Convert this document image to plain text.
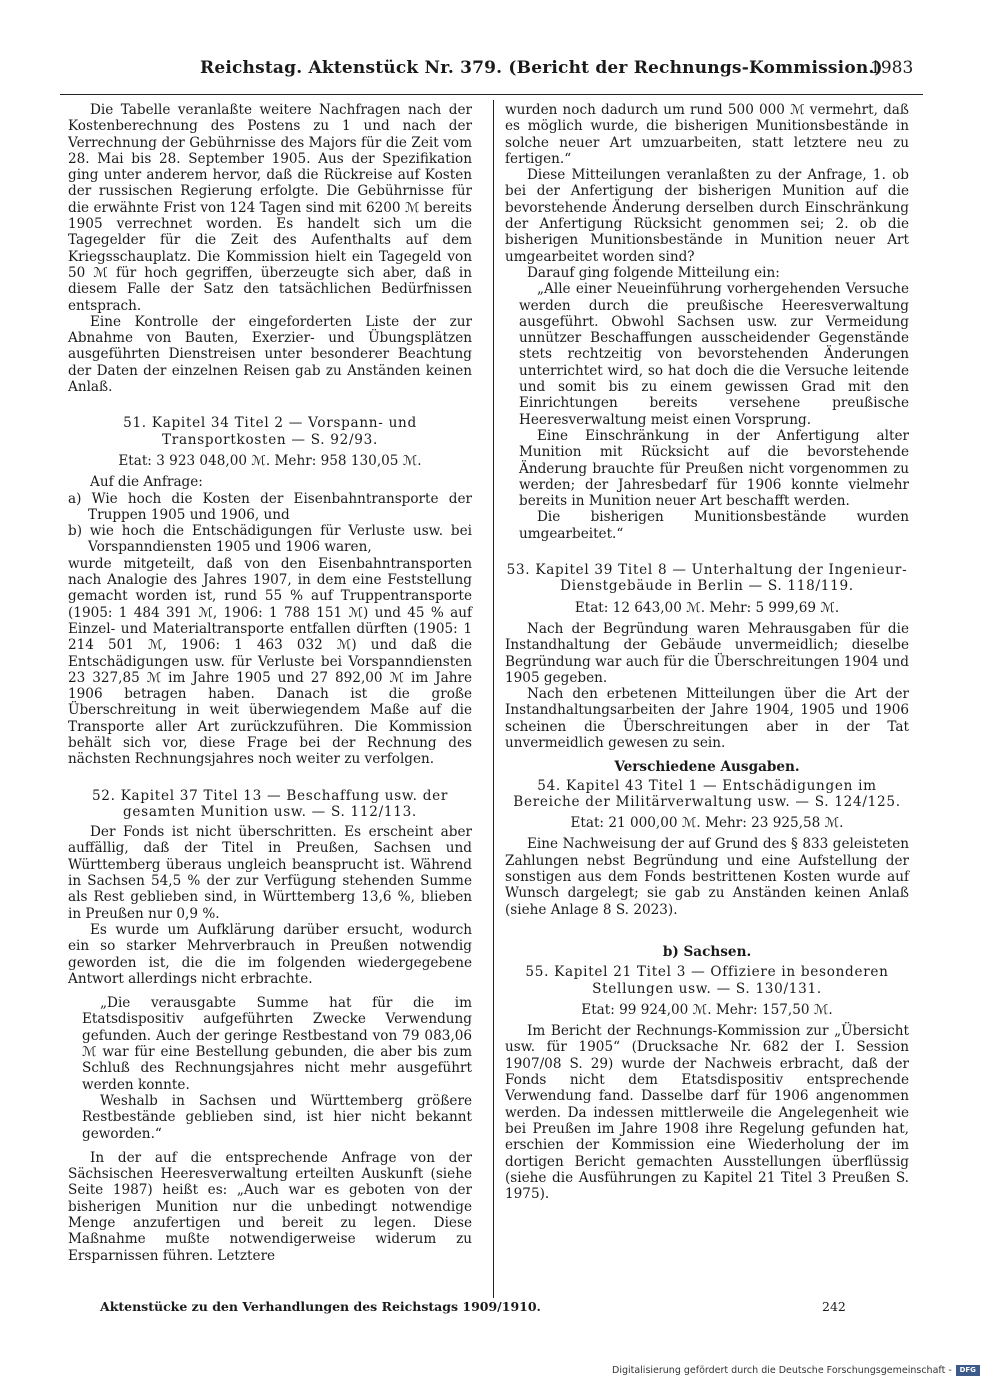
Reichstag. Aktenstück Nr. 379. (Bericht der Rechnungs-Kommission.)
1983

Die Tabelle veranlaßte weitere Nachfragen nach der Kostenberechnung des Postens zu 1 und nach der Verrechnung der Gebührnisse des Majors für die Zeit vom 28. Mai bis 28. September 1905. Aus der Spezifikation ging unter anderem hervor, daß die Rückreise auf Kosten der russischen Regierung erfolgte. Die Gebührnisse für die erwähnte Frist von 124 Tagen sind mit 6200 ℳ bereits 1905 verrechnet worden. Es handelt sich um die Tagegelder für die Zeit des Aufenthalts auf dem Kriegsschauplatz. Die Kommission hielt ein Tagegeld von 50 ℳ für hoch gegriffen, überzeugte sich aber, daß in diesem Falle der Satz den tatsächlichen Bedürfnissen entsprach.

Eine Kontrolle der eingeforderten Liste der zur Abnahme von Bauten, Exerzier- und Übungsplätzen ausgeführten Dienstreisen unter besonderer Beachtung der Daten der einzelnen Reisen gab zu Anständen keinen Anlaß.

51. Kapitel 34 Titel 2 — Vorspann- und Transportkosten — S. 92/93.

Etat: 3 923 048,00 ℳ. Mehr: 958 130,05 ℳ.

Auf die Anfrage:

a) Wie hoch die Kosten der Eisenbahntransporte der Truppen 1905 und 1906, und

b) wie hoch die Entschädigungen für Verluste usw. bei Vorspanndiensten 1905 und 1906 waren,

wurde mitgeteilt, daß von den Eisenbahntransporten nach Analogie des Jahres 1907, in dem eine Feststellung gemacht worden ist, rund 55 % auf Truppentransporte (1905: 1 484 391 ℳ, 1906: 1 788 151 ℳ) und 45 % auf Einzel- und Materialtransporte entfallen dürften (1905: 1 214 501 ℳ, 1906: 1 463 032 ℳ) und daß die Entschädigungen usw. für Verluste bei Vorspanndiensten 23 327,85 ℳ im Jahre 1905 und 27 892,00 ℳ im Jahre 1906 betragen haben. Danach ist die große Überschreitung in weit überwiegendem Maße auf die Transporte aller Art zurückzuführen. Die Kommission behält sich vor, diese Frage bei der Rechnung des nächsten Rechnungsjahres noch weiter zu verfolgen.

52. Kapitel 37 Titel 13 — Beschaffung usw. der gesamten Munition usw. — S. 112/113.

Der Fonds ist nicht überschritten. Es erscheint aber auffällig, daß der Titel in Preußen, Sachsen und Württemberg überaus ungleich beansprucht ist. Während in Sachsen 54,5 % der zur Verfügung stehenden Summe als Rest geblieben sind, in Württemberg 13,6 %, blieben in Preußen nur 0,9 %.

Es wurde um Aufklärung darüber ersucht, wodurch ein so starker Mehrverbrauch in Preußen notwendig geworden ist, die die im folgenden wiedergegebene Antwort allerdings nicht erbrachte.

„Die verausgabte Summe hat für die im Etatsdispositiv aufgeführten Zwecke Verwendung gefunden. Auch der geringe Restbestand von 79 083,06 ℳ war für eine Bestellung gebunden, die aber bis zum Schluß des Rechnungsjahres nicht mehr ausgeführt werden konnte.

Weshalb in Sachsen und Württemberg größere Restbestände geblieben sind, ist hier nicht bekannt geworden.“

In der auf die entsprechende Anfrage von der Sächsischen Heeresverwaltung erteilten Auskunft (siehe Seite 1987) heißt es: „Auch war es geboten von der bisherigen Munition nur die unbedingt notwendige Menge anzufertigen und bereit zu legen. Diese Maßnahme mußte notwendigerweise widerum zu Ersparnissen führen. Letztere

wurden noch dadurch um rund 500 000 ℳ vermehrt, daß es möglich wurde, die bisherigen Munitionsbestände in solche neuer Art umzuarbeiten, statt letztere neu zu fertigen.“

Diese Mitteilungen veranlaßten zu der Anfrage, 1. ob bei der Anfertigung der bisherigen Munition auf die bevorstehende Änderung derselben durch Einschränkung der Anfertigung Rücksicht genommen sei; 2. ob die bisherigen Munitionsbestände in Munition neuer Art umgearbeitet worden sind?

Darauf ging folgende Mitteilung ein:

„Alle einer Neueinführung vorhergehenden Versuche werden durch die preußische Heeresverwaltung ausgeführt. Obwohl Sachsen usw. zur Vermeidung unnützer Beschaffungen ausscheidender Gegenstände stets rechtzeitig von bevorstehenden Änderungen unterrichtet wird, so hat doch die die Versuche leitende und somit bis zu einem gewissen Grad mit den Einrichtungen bereits versehene preußische Heeresverwaltung meist einen Vorsprung.

Eine Einschränkung in der Anfertigung alter Munition mit Rücksicht auf die bevorstehende Änderung brauchte für Preußen nicht vorgenommen zu werden; der Jahresbedarf für 1906 konnte vielmehr bereits in Munition neuer Art beschafft werden.

Die bisherigen Munitionsbestände wurden umgearbeitet.“

53. Kapitel 39 Titel 8 — Unterhaltung der Ingenieur-Dienstgebäude in Berlin — S. 118/119.

Etat: 12 643,00 ℳ. Mehr: 5 999,69 ℳ.

Nach der Begründung waren Mehrausgaben für die Instandhaltung der Gebäude unvermeidlich; dieselbe Begründung war auch für die Überschreitungen 1904 und 1905 gegeben.

Nach den erbetenen Mitteilungen über die Art der Instandhaltungsarbeiten der Jahre 1904, 1905 und 1906 scheinen die Überschreitungen aber in der Tat unvermeidlich gewesen zu sein.

Verschiedene Ausgaben.

54. Kapitel 43 Titel 1 — Entschädigungen im Bereiche der Militärverwaltung usw. — S. 124/125.

Etat: 21 000,00 ℳ. Mehr: 23 925,58 ℳ.

Eine Nachweisung der auf Grund des § 833 geleisteten Zahlungen nebst Begründung und eine Aufstellung der sonstigen aus dem Fonds bestrittenen Kosten wurde auf Wunsch dargelegt; sie gab zu Anständen keinen Anlaß (siehe Anlage 8 S. 2023).

b) Sachsen.

55. Kapitel 21 Titel 3 — Offiziere in besonderen Stellungen usw. — S. 130/131.

Etat: 99 924,00 ℳ. Mehr: 157,50 ℳ.

Im Bericht der Rechnungs-Kommission zur „Übersicht usw. für 1905“ (Drucksache Nr. 682 der I. Session 1907/08 S. 29) wurde der Nachweis erbracht, daß der Fonds nicht dem Etatsdispositiv entsprechende Verwendung fand. Dasselbe darf für 1906 angenommen werden. Da indessen mittlerweile die Angelegenheit wie bei Preußen im Jahre 1908 ihre Regelung gefunden hat, erschien der Kommission eine Wiederholung der im dortigen Bericht gemachten Ausstellungen überflüssig (siehe die Ausführungen zu Kapitel 21 Titel 3 Preußen S. 1975).

Aktenstücke zu den Verhandlungen des Reichstags 1909/1910.	242
Digitalisierung gefördert durch die Deutsche Forschungsgemeinschaft - DFG
